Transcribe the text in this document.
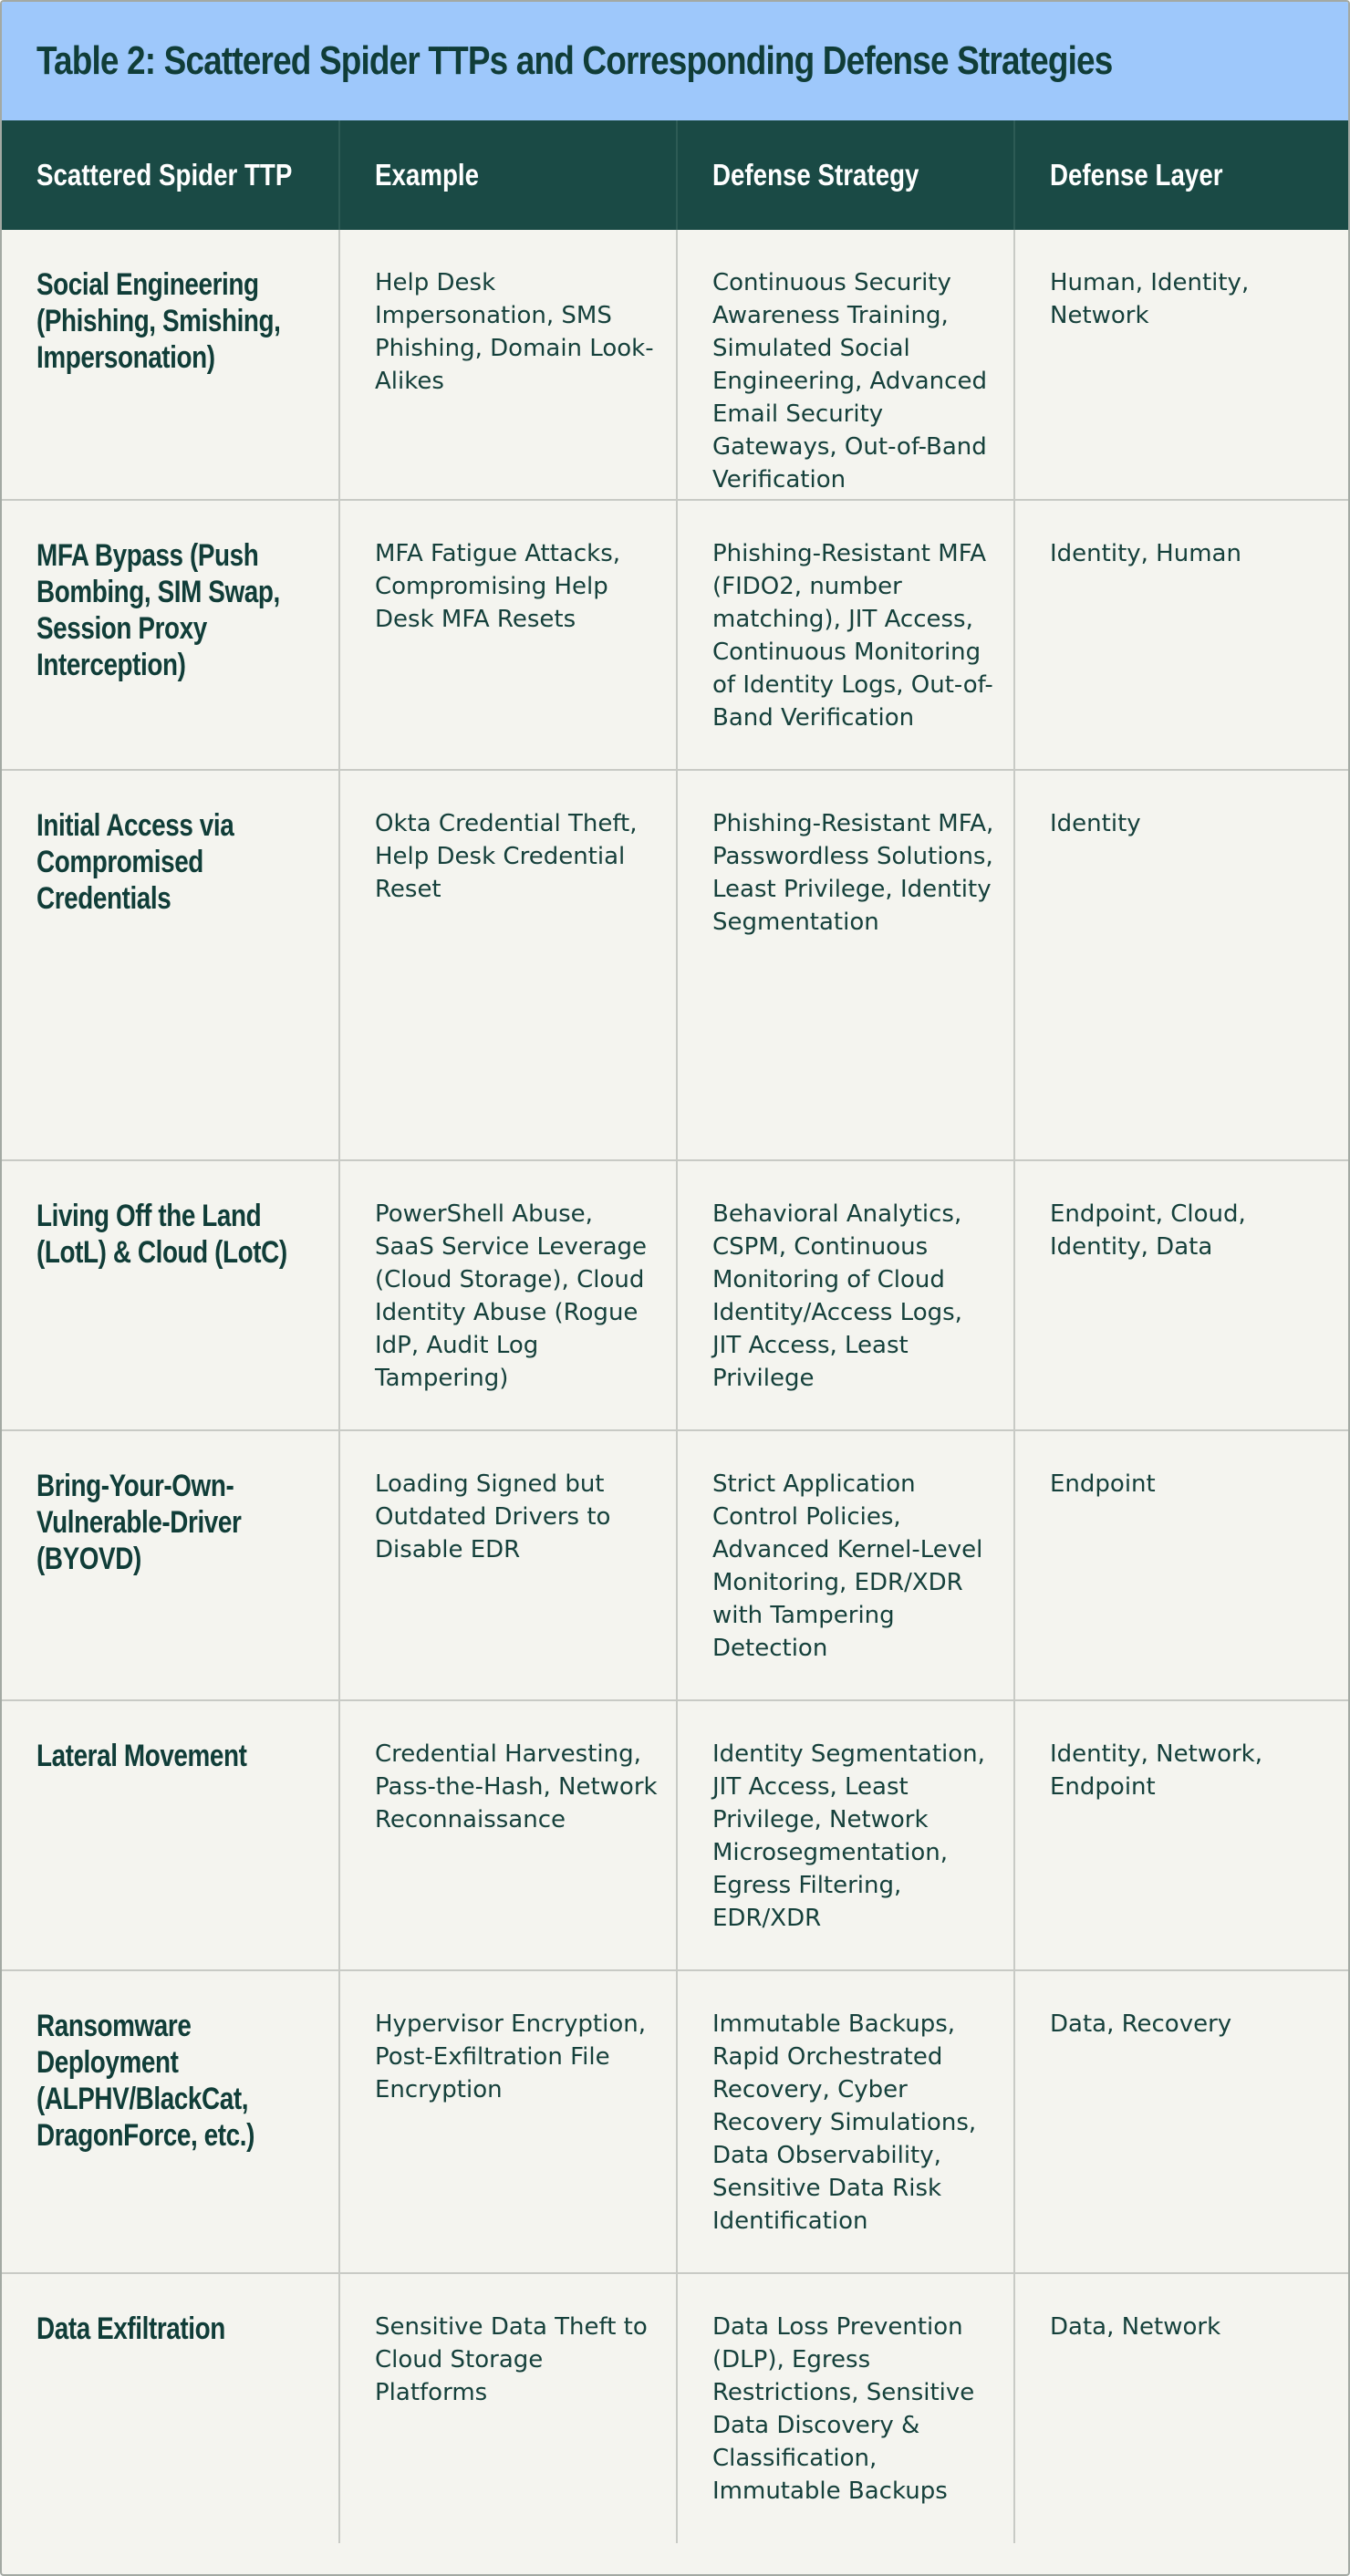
Table 2: Scattered Spider TTPs and Corresponding Defense Strategies
Scattered Spider TTP	Example	Defense Strategy	Defense Layer

Social Engineering (Phishing, Smishing, Impersonation)	Help Desk Impersonation, SMS Phishing, Domain Look-Alikes	Continuous Security Awareness Training, Simulated Social Engineering, Advanced Email Security Gateways, Out-of-Band Verification	Human, Identity, Network

MFA Bypass (Push Bombing, SIM Swap, Session Proxy Interception)	MFA Fatigue Attacks, Compromising Help Desk MFA Resets	Phishing-Resistant MFA (FIDO2, number matching), JIT Access, Continuous Monitoring of Identity Logs, Out-of-Band Verification	Identity, Human

Initial Access via Compromised Credentials	Okta Credential Theft, Help Desk Credential Reset	Phishing-Resistant MFA, Passwordless Solutions, Least Privilege, Identity Segmentation	Identity

Living Off the Land (LotL) & Cloud (LotC)	PowerShell Abuse, SaaS Service Leverage (Cloud Storage), Cloud Identity Abuse (Rogue IdP, Audit Log Tampering)	Behavioral Analytics, CSPM, Continuous Monitoring of Cloud Identity/Access Logs, JIT Access, Least Privilege	Endpoint, Cloud, Identity, Data

Bring-Your-Own-Vulnerable-Driver (BYOVD)	Loading Signed but Outdated Drivers to Disable EDR	Strict Application Control Policies, Advanced Kernel-Level Monitoring, EDR/XDR with Tampering Detection	Endpoint

Lateral Movement	Credential Harvesting, Pass-the-Hash, Network Reconnaissance	Identity Segmentation, JIT Access, Least Privilege, Network Microsegmentation, Egress Filtering, EDR/XDR	Identity, Network, Endpoint

Ransomware Deployment (ALPHV/BlackCat, DragonForce, etc.)	Hypervisor Encryption, Post-Exfiltration File Encryption	Immutable Backups, Rapid Orchestrated Recovery, Cyber Recovery Simulations, Data Observability, Sensitive Data Risk Identification	Data, Recovery

Data Exfiltration	Sensitive Data Theft to Cloud Storage Platforms	Data Loss Prevention (DLP), Egress Restrictions, Sensitive Data Discovery & Classification, Immutable Backups	Data, Network
